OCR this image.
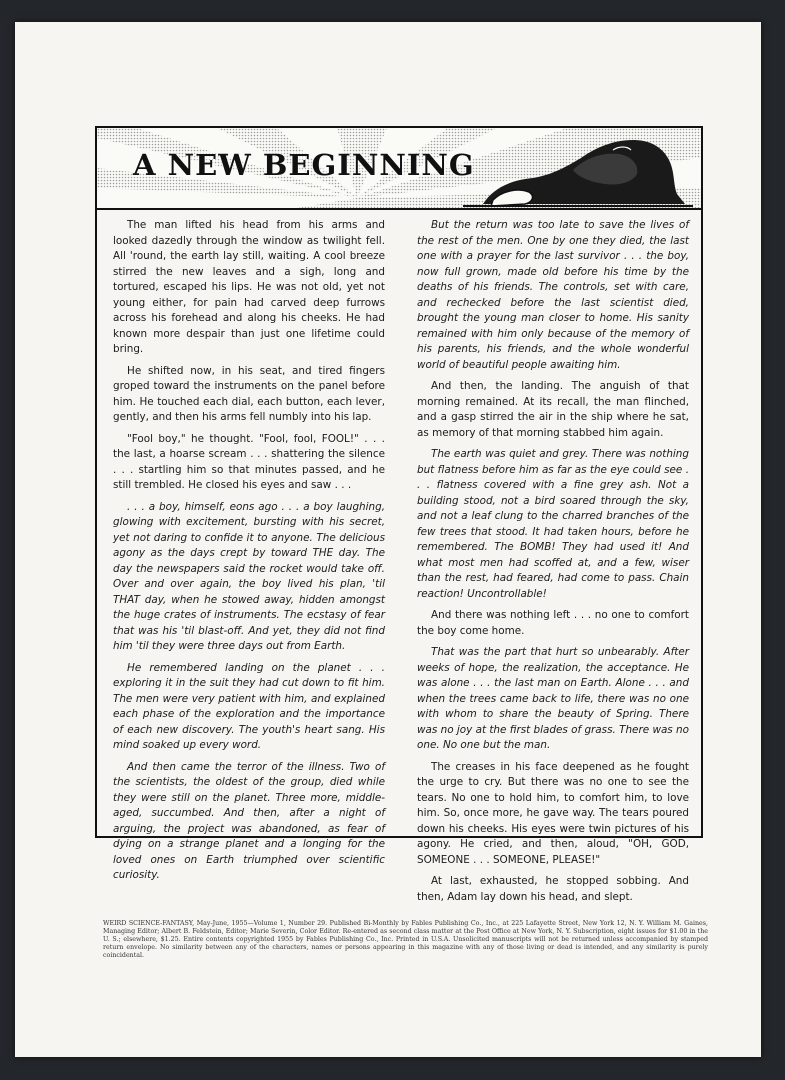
A NEW BEGINNING

The man lifted his head from his arms and looked dazedly through the window as twilight fell. All 'round, the earth lay still, waiting. A cool breeze stirred the new leaves and a sigh, long and tortured, escaped his lips. He was not old, yet not young either, for pain had carved deep furrows across his forehead and along his cheeks. He had known more despair than just one lifetime could bring.

He shifted now, in his seat, and tired fingers groped toward the instruments on the panel before him. He touched each dial, each button, each lever, gently, and then his arms fell numbly into his lap.

"Fool boy," he thought. "Fool, fool, FOOL!" . . . the last, a hoarse scream . . . shattering the silence . . . startling him so that minutes passed, and he still trembled. He closed his eyes and saw . . .

. . . a boy, himself, eons ago . . . a boy laughing, glowing with excitement, bursting with his secret, yet not daring to confide it to anyone. The delicious agony as the days crept by toward THE day. The day the newspapers said the rocket would take off. Over and over again, the boy lived his plan, 'til THAT day, when he stowed away, hidden amongst the huge crates of instruments. The ecstasy of fear that was his 'til blast-off. And yet, they did not find him 'til they were three days out from Earth.

He remembered landing on the planet . . . exploring it in the suit they had cut down to fit him. The men were very patient with him, and explained each phase of the exploration and the importance of each new discovery. The youth's heart sang. His mind soaked up every word.

And then came the terror of the illness. Two of the scientists, the oldest of the group, died while they were still on the planet. Three more, middle-aged, succumbed. And then, after a night of arguing, the project was abandoned, as fear of dying on a strange planet and a longing for the loved ones on Earth triumphed over scientific curiosity.

But the return was too late to save the lives of the rest of the men. One by one they died, the last one with a prayer for the last survivor . . . the boy, now full grown, made old before his time by the deaths of his friends. The controls, set with care, and rechecked before the last scientist died, brought the young man closer to home. His sanity remained with him only because of the memory of his parents, his friends, and the whole wonderful world of beautiful people awaiting him.

And then, the landing. The anguish of that morning remained. At its recall, the man flinched, and a gasp stirred the air in the ship where he sat, as memory of that morning stabbed him again.

The earth was quiet and grey. There was nothing but flatness before him as far as the eye could see . . . flatness covered with a fine grey ash. Not a building stood, not a bird soared through the sky, and not a leaf clung to the charred branches of the few trees that stood. It had taken hours, before he remembered. The BOMB! They had used it! And what most men had scoffed at, and a few, wiser than the rest, had feared, had come to pass. Chain reaction! Uncontrollable!

And there was nothing left . . . no one to comfort the boy come home.

That was the part that hurt so unbearably. After weeks of hope, the realization, the acceptance. He was alone . . . the last man on Earth. Alone . . . and when the trees came back to life, there was no one with whom to share the beauty of Spring. There was no joy at the first blades of grass. There was no one. No one but the man.

The creases in his face deepened as he fought the urge to cry. But there was no one to see the tears. No one to hold him, to comfort him, to love him. So, once more, he gave way. The tears poured down his cheeks. His eyes were twin pictures of his agony. He cried, and then, aloud, "OH, GOD, SOMEONE . . . SOMEONE, PLEASE!"

At last, exhausted, he stopped sobbing. And then, Adam lay down his head, and slept.

WEIRD SCIENCE-FANTASY, May-June, 1955—Volume 1, Number 29. Published Bi-Monthly by Fables Publishing Co., Inc., at 225 Lafayette Street, New York 12, N. Y. William M. Gaines, Managing Editor; Albert B. Feldstein, Editor; Marie Severin, Color Editor. Re-entered as second class matter at the Post Office at New York, N. Y. Subscription, eight issues for $1.00 in the U. S.; elsewhere, $1.25. Entire contents copyrighted 1955 by Fables Publishing Co., Inc. Printed in U.S.A. Unsolicited manuscripts will not be returned unless accompanied by stamped return envelope. No similarity between any of the characters, names or persons appearing in this magazine with any of those living or dead is intended, and any similarity is purely coincidental.
